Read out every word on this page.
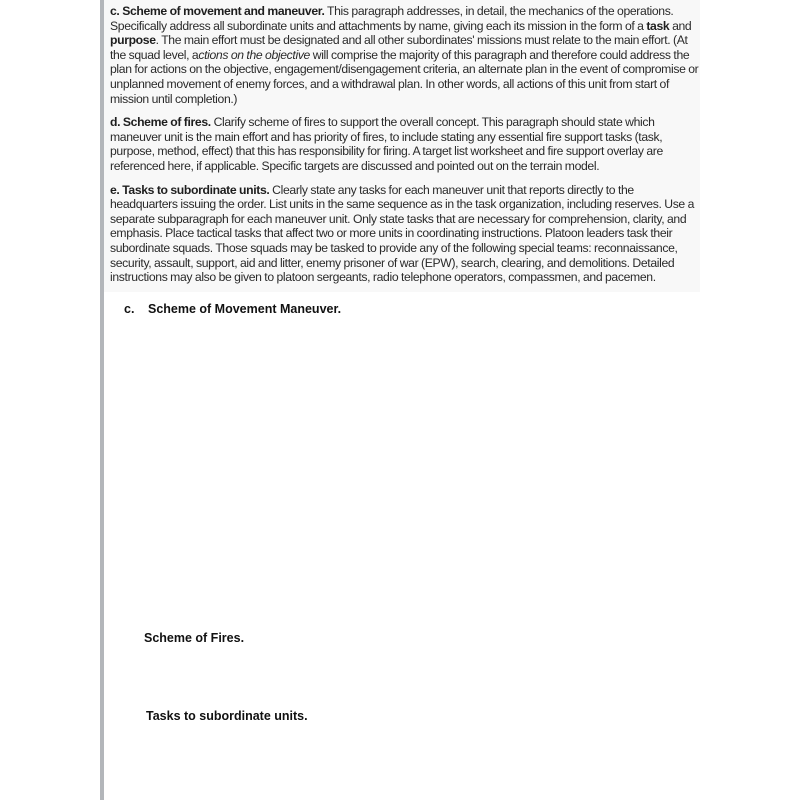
c. Scheme of movement and maneuver. This paragraph addresses, in detail, the mechanics of the operations. Specifically address all subordinate units and attachments by name, giving each its mission in the form of a task and purpose. The main effort must be designated and all other subordinates' missions must relate to the main effort. (At the squad level, actions on the objective will comprise the majority of this paragraph and therefore could address the plan for actions on the objective, engagement/disengagement criteria, an alternate plan in the event of compromise or unplanned movement of enemy forces, and a withdrawal plan. In other words, all actions of this unit from start of mission until completion.)

d. Scheme of fires. Clarify scheme of fires to support the overall concept. This paragraph should state which maneuver unit is the main effort and has priority of fires, to include stating any essential fire support tasks (task, purpose, method, effect) that this has responsibility for firing. A target list worksheet and fire support overlay are referenced here, if applicable. Specific targets are discussed and pointed out on the terrain model.

e. Tasks to subordinate units. Clearly state any tasks for each maneuver unit that reports directly to the headquarters issuing the order. List units in the same sequence as in the task organization, including reserves. Use a separate subparagraph for each maneuver unit. Only state tasks that are necessary for comprehension, clarity, and emphasis. Place tactical tasks that affect two or more units in coordinating instructions. Platoon leaders task their subordinate squads. Those squads may be tasked to provide any of the following special teams: reconnaissance, security, assault, support, aid and litter, enemy prisoner of war (EPW), search, clearing, and demolitions. Detailed instructions may also be given to platoon sergeants, radio telephone operators, compassmen, and pacemen.

c. Scheme of Movement Maneuver.
Scheme of Fires.
Tasks to subordinate units.
